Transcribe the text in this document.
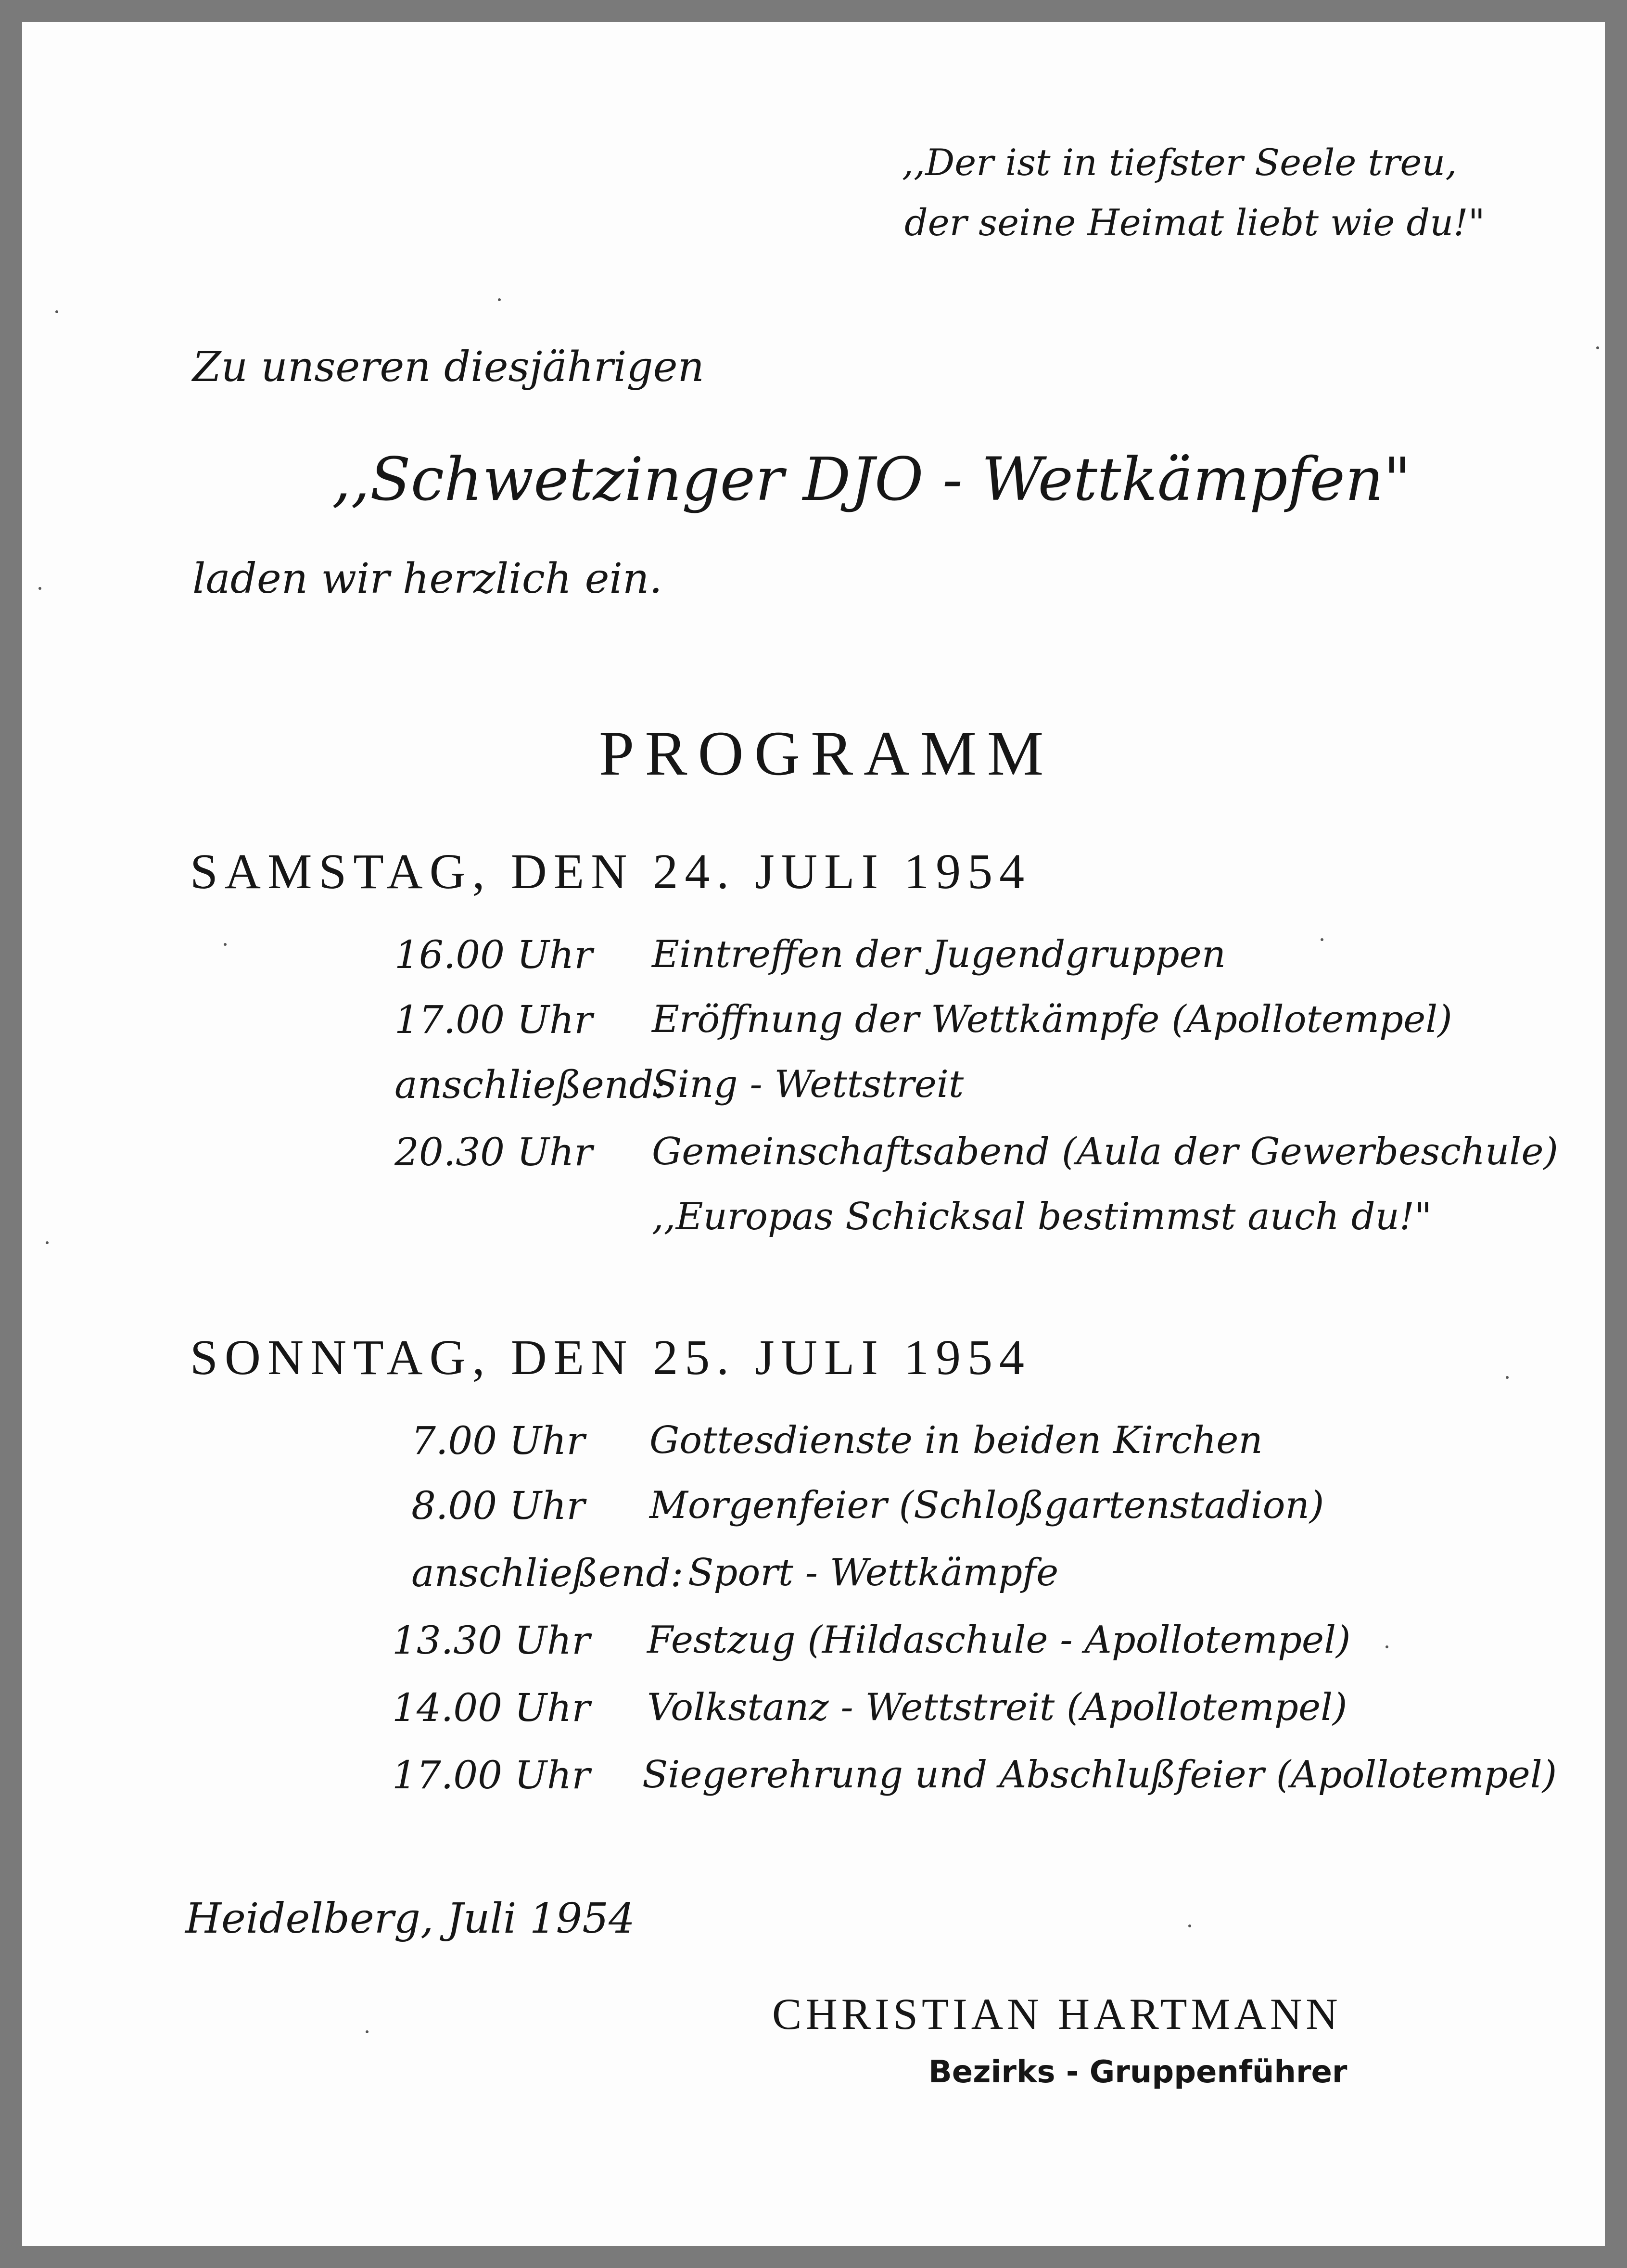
,,Der ist in tiefster Seele treu,
der seine Heimat liebt wie du!"
Zu unseren diesjährigen
,,Schwetzinger DJO - Wettkämpfen"
laden wir herzlich ein.
PROGRAMM
SAMSTAG, DEN 24. JULI 1954
16.00 Uhr Eintreffen der Jugendgruppen
17.00 Uhr Eröffnung der Wettkämpfe (Apollotempel)
anschließend:
Sing - Wettstreit
20.30 Uhr Gemeinschaftsabend (Aula der Gewerbeschule)
,,Europas Schicksal bestimmst auch du!"
SONNTAG, DEN 25. JULI 1954
7.00 Uhr Gottesdienste in beiden Kirchen
8.00 Uhr Morgenfeier (Schloßgartenstadion)
anschließend: Sport - Wettkämpfe
13.30 Uhr Festzug (Hildaschule - Apollotempel)
14.00 Uhr Volkstanz - Wettstreit (Apollotempel)
17.00 Uhr Siegerehrung und Abschlußfeier (Apollotempel)
Heidelberg, Juli 1954
CHRISTIAN HARTMANN
Bezirks - Gruppenführer
